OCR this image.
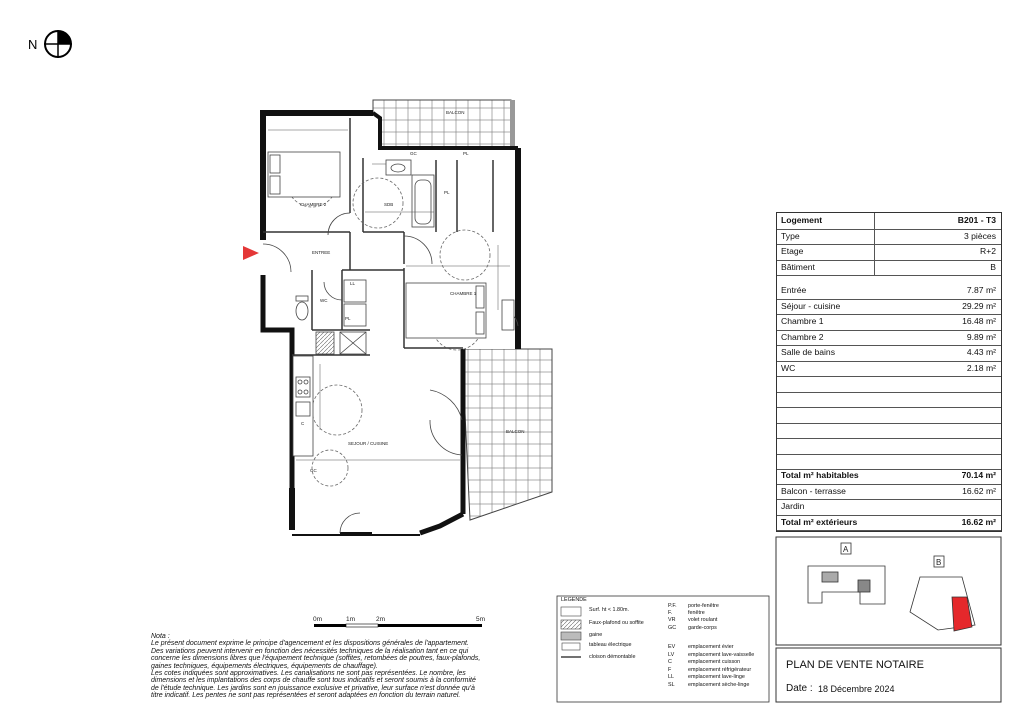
N
CHAMBRE 2	SDB
ENTREE
WC
CHAMBRE 1
SEJOUR / CUISINE
BALCON
BALCON
PL
PL
PL
LL
GC
GC
C
0m	1m	2m	5m
A
B
Logement	B201 - T3
Type	3 pièces
Etage	R+2
Bâtiment	B
Entrée	7.87 m²
Séjour - cuisine	29.29 m²
Chambre 1	16.48 m²
Chambre 2	9.89 m²
Salle de bains	4.43 m²
WC	2.18 m²
Total m² habitables	70.14 m²
Balcon - terrasse	16.62 m²
Jardin
Total m² extérieurs	16.62 m²
LEGENDE
Surf. ht < 1.80m.
Faux-plafond ou soffite
gaine
tableau électrique
cloison démontable
P.F. porte-fenêtre
F.	fenêtre
VR volet roulant
GC garde-corps
EV emplacement évier
LV	emplacement lave-vaisselle
C	emplacement cuisson
F	emplacement réfrigérateur
LL	emplacement lave-linge
SL emplacement sèche-linge
Nota :
Le présent document exprime le principe d'agencement et les dispositions générales de l'appartement.
Des variations peuvent intervenir en fonction des nécessités techniques de la réalisation tant en ce qui
concerne les dimensions libres que l'équipement technique (soffites, retombées de poutres, faux-plafonds,
gaines techniques, équipements électriques, équipements de chauffage).
Les cotes indiquées sont approximatives. Les canalisations ne sont pas représentées. Le nombre, les
dimensions et les implantations des corps de chauffe sont tous indicatifs et seront soumis à la conformité
de l'étude technique. Les jardins sont en jouissance exclusive et privative, leur surface n'est donnée qu'à
titre indicatif. Les pentes ne sont pas représentées et seront adaptées en fonction du terrain naturel.
PLAN DE VENTE NOTAIRE
Date : 18 Décembre 2024
